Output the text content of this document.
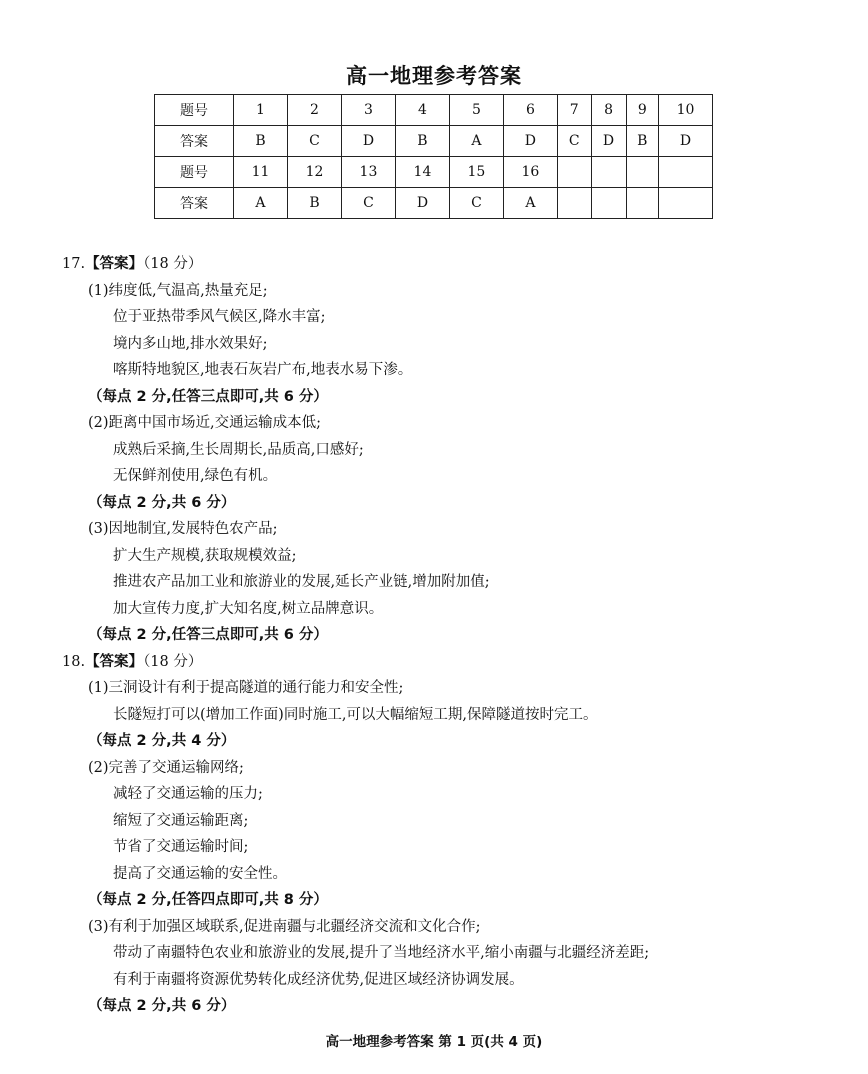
高一地理参考答案
题号	1	2	3	4	5	6	7	8	9	10
答案	B	C	D	B	A	D	C	D	B	D
题号	11	12	13	14	15	16				
答案	A	B	C	D	C	A				
17.【答案】（18 分）
(1)纬度低,气温高,热量充足;
位于亚热带季风气候区,降水丰富;
境内多山地,排水效果好;
喀斯特地貌区,地表石灰岩广布,地表水易下渗。
（每点 2 分,任答三点即可,共 6 分）
(2)距离中国市场近,交通运输成本低;
成熟后采摘,生长周期长,品质高,口感好;
无保鲜剂使用,绿色有机。
（每点 2 分,共 6 分）
(3)因地制宜,发展特色农产品;
扩大生产规模,获取规模效益;
推进农产品加工业和旅游业的发展,延长产业链,增加附加值;
加大宣传力度,扩大知名度,树立品牌意识。
（每点 2 分,任答三点即可,共 6 分）
18.【答案】（18 分）
(1)三洞设计有利于提高隧道的通行能力和安全性;
长隧短打可以(增加工作面)同时施工,可以大幅缩短工期,保障隧道按时完工。
（每点 2 分,共 4 分）
(2)完善了交通运输网络;
减轻了交通运输的压力;
缩短了交通运输距离;
节省了交通运输时间;
提高了交通运输的安全性。
（每点 2 分,任答四点即可,共 8 分）
(3)有利于加强区域联系,促进南疆与北疆经济交流和文化合作;
带动了南疆特色农业和旅游业的发展,提升了当地经济水平,缩小南疆与北疆经济差距;
有利于南疆将资源优势转化成经济优势,促进区域经济协调发展。
（每点 2 分,共 6 分）
高一地理参考答案 第 1 页(共 4 页)
